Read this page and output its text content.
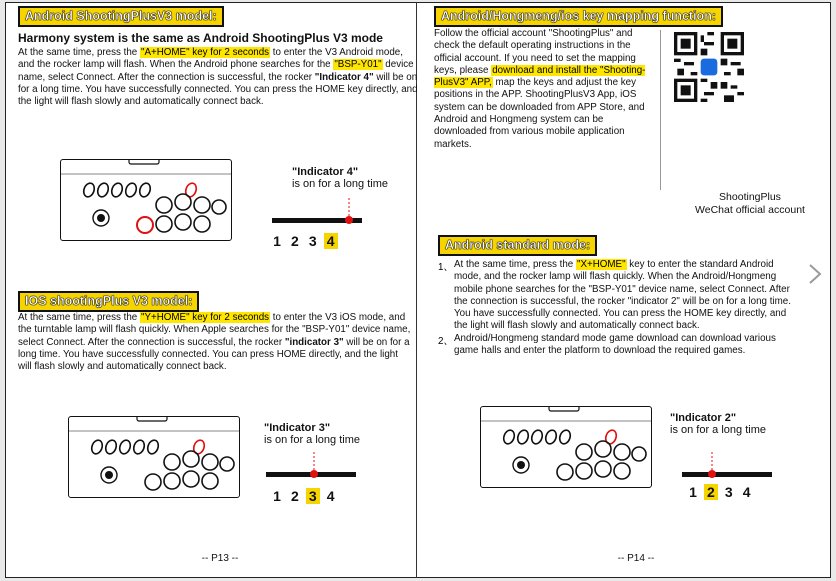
Android ShootingPlusV3 model:
Harmony system is the same as Android ShootingPlus V3 mode

At the same time, press the "A+HOME" key for 2 seconds to enter the V3 Android mode, and the rocker lamp will flash. When the Android phone searches for the "BSP-Y01" device name, select Connect. After the connection is successful, the rocker "Indicator 4" will be on for a long time. You have successfully connected. You can press the HOME key directly, and the light will flash slowly and automatically connect back.

"Indicator 4"
is on for a long time
1 2 3 4
IOS shootingPlus V3 model:

At the same time, press the "Y+HOME" key for 2 seconds to enter the V3 iOS mode, and the turntable lamp will flash quickly. When Apple searches for the "BSP-Y01" device name, select Connect. After the connection is successful, the rocker "indicator 3" will be on for a long time. You have successfully connected. You can press HOME directly, and the light will flash slowly and automatically connect back.

"Indicator 3"
is on for a long time
1 2 3 4
-- P13 --
Android/Hongmeng/ios key mapping function:

Follow the official account "ShootingPlus" and check the default operating instructions in the official account. If you need to set the mapping keys, please download and install the "Shooting-PlusV3" APP, map the keys and adjust the key positions in the APP. ShootingPlusV3 App, iOS system can be downloaded from APP Store, and Android and Hongmeng system can be downloaded from various mobile application markets.

ShootingPlus
WeChat official account
Android standard mode:
1、 At the same time, press the "X+HOME" key to enter the standard Android mode, and the rocker lamp will flash quickly. When the Android/Hongmeng mobile phone searches for the "BSP-Y01" device name, select Connect. After the connection is successful, the rocker "indicator 2" will be on for a long time. You have successfully connected. You can press the HOME key directly, and the light will flash slowly and automatically connect back.

2、 Android/Hongmeng standard mode game download can download various game halls and enter the platform to download the required games.

"Indicator 2"
is on for a long time
1 2 3 4
-- P14 --
